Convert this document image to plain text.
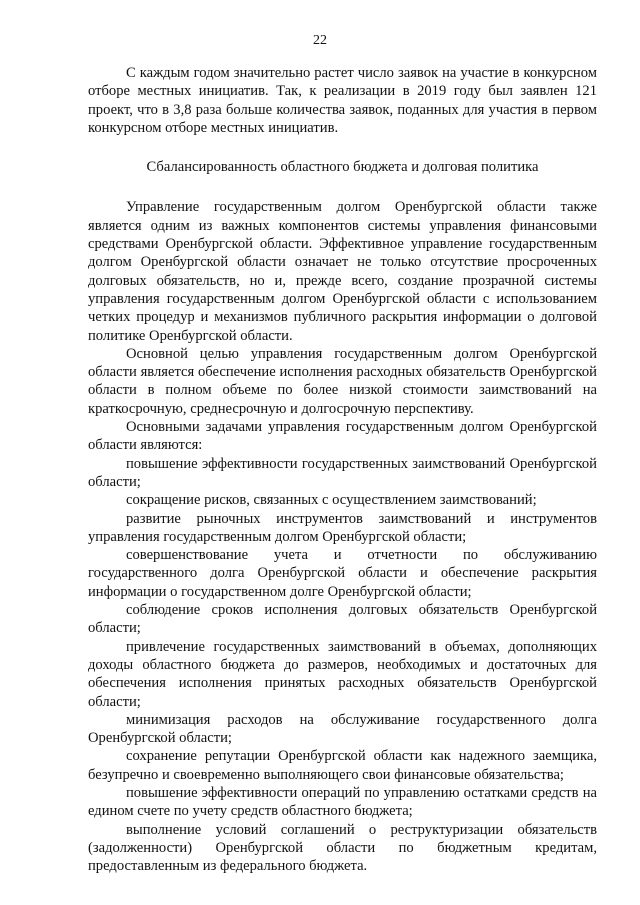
22

С каждым годом значительно растет число заявок на участие в конкурсном отборе местных инициатив. Так, к реализации в 2019 году был заявлен 121 проект, что в 3,8 раза больше количества заявок, поданных для участия в первом конкурсном отборе местных инициатив.

Сбалансированность областного бюджета и долговая политика

Управление государственным долгом Оренбургской области также является одним из важных компонентов системы управления финансовыми средствами Оренбургской области. Эффективное управление государственным долгом Оренбургской области означает не только отсутствие просроченных долговых обязательств, но и, прежде всего, создание прозрачной системы управления государственным долгом Оренбургской области с использованием четких процедур и механизмов публичного раскрытия информации о долговой политике Оренбургской области.

Основной целью управления государственным долгом Оренбургской области является обеспечение исполнения расходных обязательств Оренбургской области в полном объеме по более низкой стоимости заимствований на краткосрочную, среднесрочную и долгосрочную перспективу.

Основными задачами управления государственным долгом Оренбургской области являются:

повышение эффективности государственных заимствований Оренбургской области;

сокращение рисков, связанных с осуществлением заимствований;

развитие рыночных инструментов заимствований и инструментов управления государственным долгом Оренбургской области;

совершенствование учета и отчетности по обслуживанию государственного долга Оренбургской области и обеспечение раскрытия информации о государственном долге Оренбургской области;

соблюдение сроков исполнения долговых обязательств Оренбургской области;

привлечение государственных заимствований в объемах, дополняющих доходы областного бюджета до размеров, необходимых и достаточных для обеспечения исполнения принятых расходных обязательств Оренбургской области;

минимизация расходов на обслуживание государственного долга Оренбургской области;

сохранение репутации Оренбургской области как надежного заемщика, безупречно и своевременно выполняющего свои финансовые обязательства;

повышение эффективности операций по управлению остатками средств на едином счете по учету средств областного бюджета;

выполнение условий соглашений о реструктуризации обязательств (задолженности) Оренбургской области по бюджетным кредитам, предоставленным из федерального бюджета.
